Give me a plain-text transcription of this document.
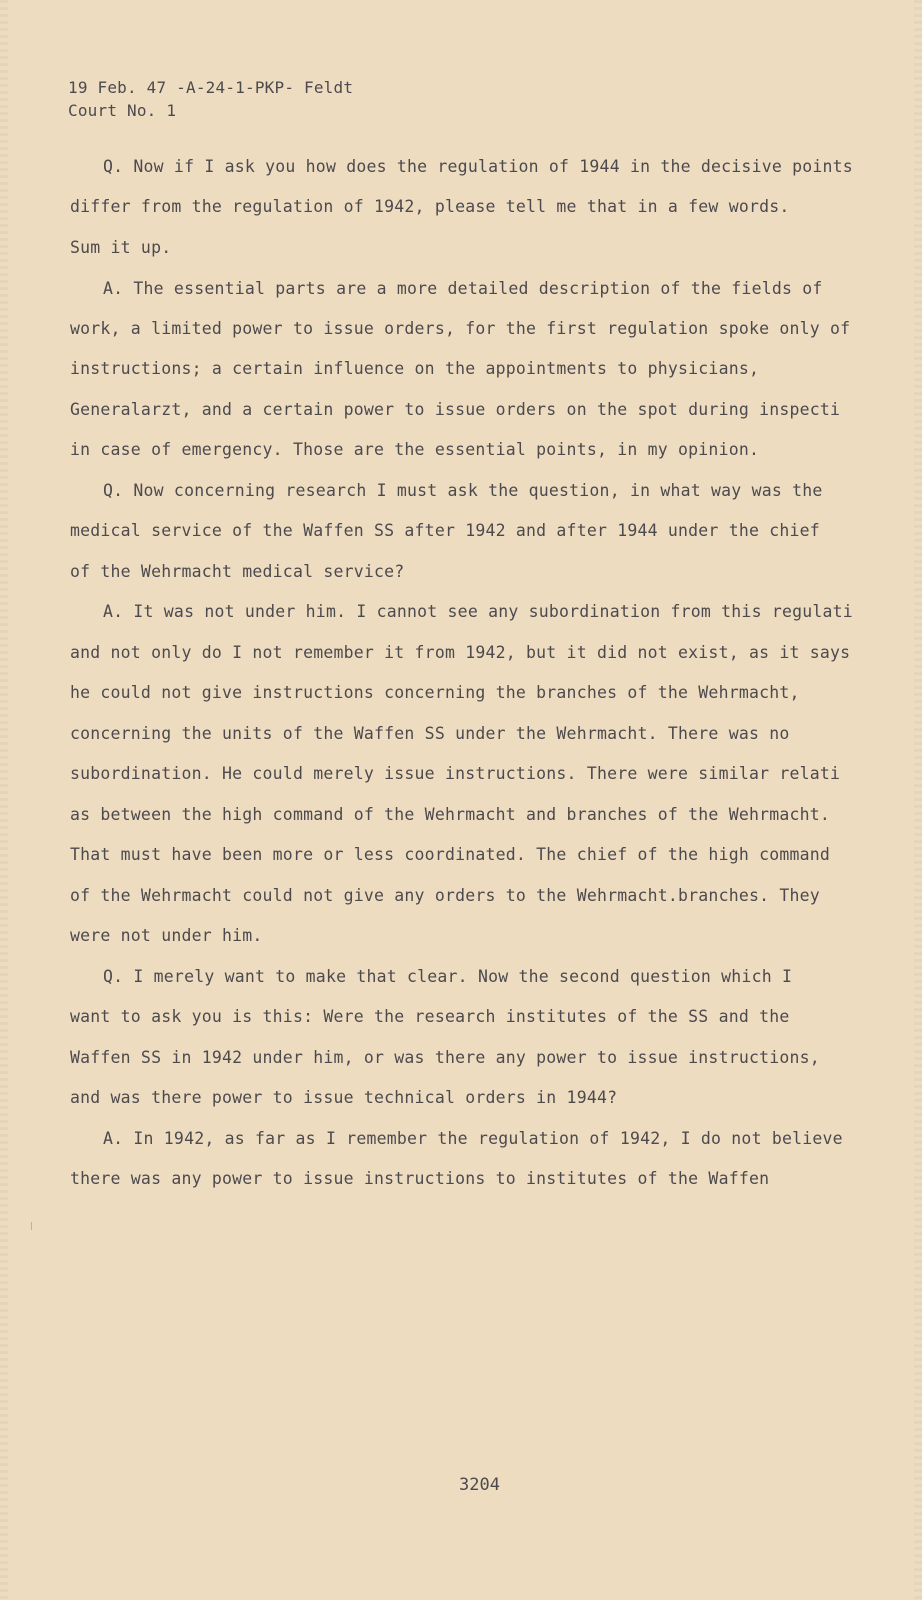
19 Feb. 47 -A-24-1-PKP- Feldt
Court No. 1
Q. Now if I ask you how does the regulation of 1944 in the decisive points
differ from the regulation of 1942, please tell me that in a few words.
Sum it up.
A. The essential parts are a more detailed description of the fields of
work, a limited power to issue orders, for the first regulation spoke only of
instructions; a certain influence on the appointments to physicians,
Generalarzt, and a certain power to issue orders on the spot during inspecti
in case of emergency. Those are the essential points, in my opinion.
Q. Now concerning research I must ask the question, in what way was the
medical service of the Waffen SS after 1942 and after 1944 under the chief
of the Wehrmacht medical service?
A. It was not under him. I cannot see any subordination from this regulati
and not only do I not remember it from 1942, but it did not exist, as it says
he could not give instructions concerning the branches of the Wehrmacht,
concerning the units of the Waffen SS under the Wehrmacht. There was no
subordination. He could merely issue instructions. There were similar relati
as between the high command of the Wehrmacht and branches of the Wehrmacht.
That must have been more or less coordinated. The chief of the high command
of the Wehrmacht could not give any orders to the Wehrmacht.branches. They
were not under him.
Q. I merely want to make that clear. Now the second question which I
want to ask you is this: Were the research institutes of the SS and the
Waffen SS in 1942 under him, or was there any power to issue instructions,
and was there power to issue technical orders in 1944?
A. In 1942, as far as I remember the regulation of 1942, I do not believe
there was any power to issue instructions to institutes of the Waffen
3204
